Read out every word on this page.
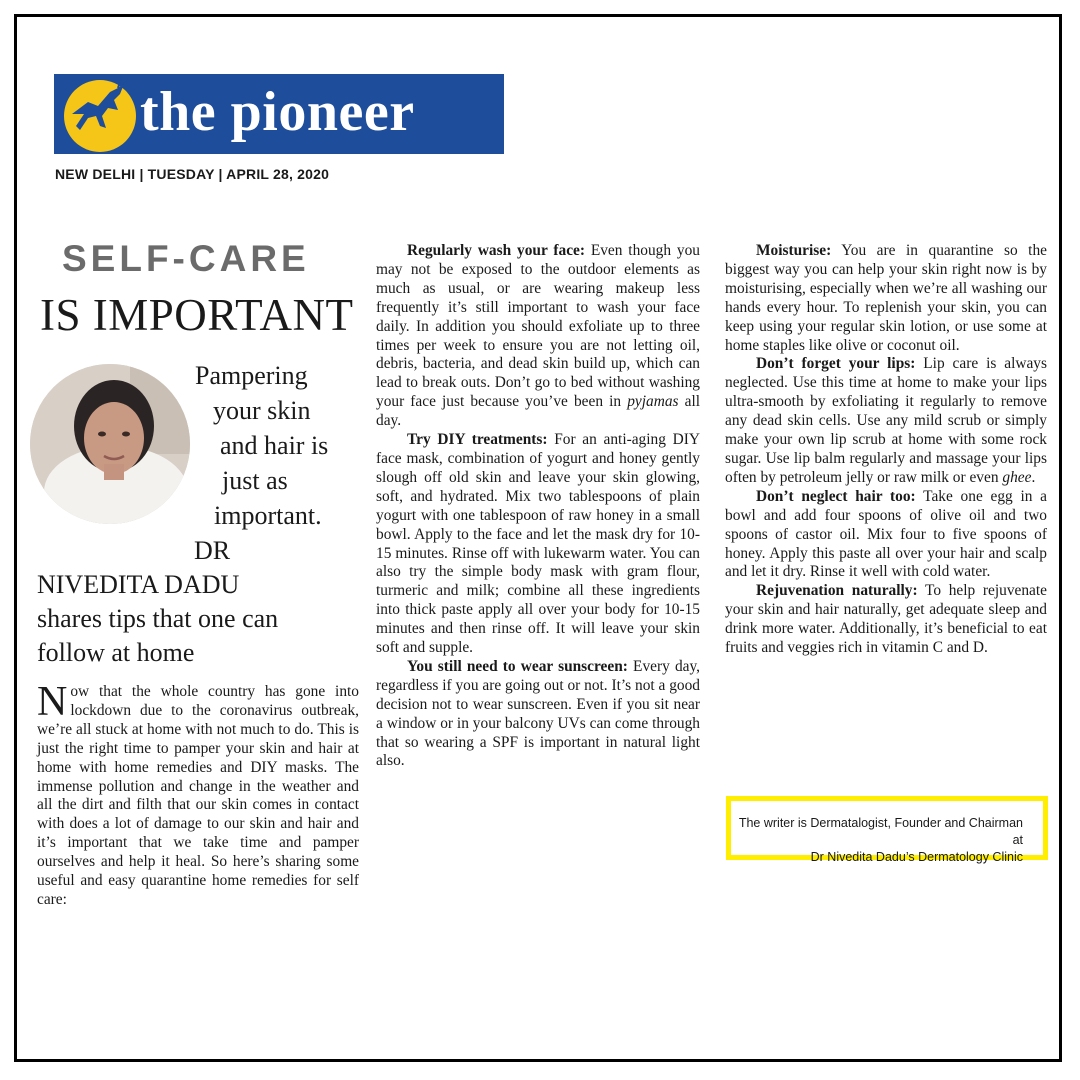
the pioneer
NEW DELHI | TUESDAY | APRIL 28, 2020
SELF-CARE
IS IMPORTANT
Pampering
your skin
and hair is
just as
important.
DR
NIVEDITA DADU
shares tips that one can
follow at home

Now that the whole country has gone into lockdown due to the coronavirus outbreak, we’re all stuck at home with not much to do. This is just the right time to pamper your skin and hair at home with home remedies and DIY masks. The immense pollution and change in the weather and all the dirt and filth that our skin comes in contact with does a lot of damage to our skin and hair and it’s important that we take time and pamper ourselves and help it heal. So here’s sharing some useful and easy quarantine home remedies for self care:

Regularly wash your face: Even though you may not be exposed to the outdoor elements as much as usual, or are wearing makeup less frequently it’s still important to wash your face daily. In addition you should exfoliate up to three times per week to ensure you are not letting oil, debris, bacteria, and dead skin build up, which can lead to break outs. Don’t go to bed without washing your face just because you’ve been in pyjamas all day.

Try DIY treatments: For an anti-aging DIY face mask, combination of yogurt and honey gently slough off old skin and leave your skin glowing, soft, and hydrated. Mix two tablespoons of plain yogurt with one tablespoon of raw honey in a small bowl. Apply to the face and let the mask dry for 10-15 minutes. Rinse off with lukewarm water. You can also try the simple body mask with gram flour, turmeric and milk; combine all these ingredients into thick paste apply all over your body for 10-15 minutes and then rinse off. It will leave your skin soft and supple.

You still need to wear sunscreen: Every day, regardless if you are going out or not. It’s not a good decision not to wear sunscreen. Even if you sit near a window or in your balcony UVs can come through that so wearing a SPF is important in natural light also.

Moisturise: You are in quarantine so the biggest way you can help your skin right now is by moisturising, especially when we’re all washing our hands every hour. To replenish your skin, you can keep using your regular skin lotion, or use some at home staples like olive or coconut oil.

Don’t forget your lips: Lip care is always neglected. Use this time at home to make your lips ultra-smooth by exfoliating it regularly to remove any dead skin cells. Use any mild scrub or simply make your own lip scrub at home with some rock sugar. Use lip balm regularly and massage your lips often by petroleum jelly or raw milk or even ghee.

Don’t neglect hair too: Take one egg in a bowl and add four spoons of olive oil and two spoons of castor oil. Mix four to five spoons of honey. Apply this paste all over your hair and scalp and let it dry. Rinse it well with cold water.

Rejuvenation naturally: To help rejuvenate your skin and hair naturally, get adequate sleep and drink more water. Additionally, it’s beneficial to eat fruits and veggies rich in vitamin C and D.

The writer is Dermatalogist, Founder and Chairman at
Dr Nivedita Dadu’s Dermatology Clinic
